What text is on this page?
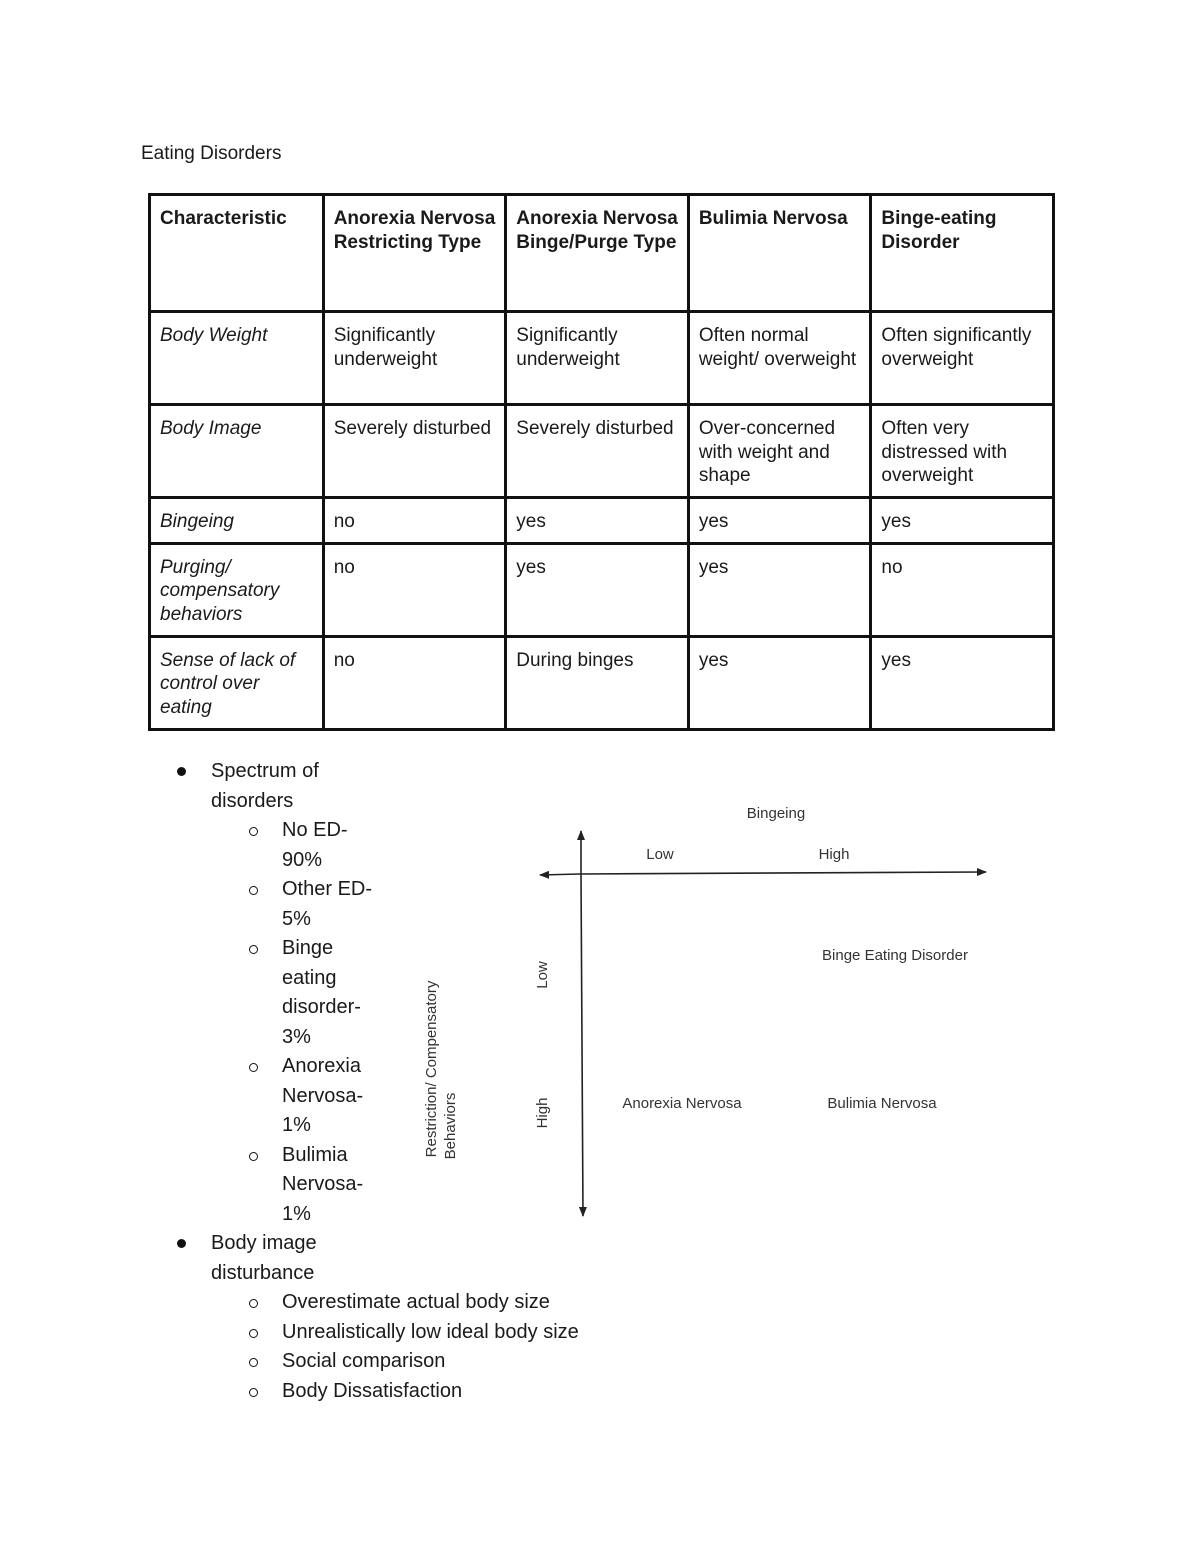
Eating Disorders
Characteristic	Anorexia Nervosa Restricting Type	Anorexia Nervosa Binge/Purge Type	Bulimia Nervosa	Binge-eating Disorder
Body Weight	Significantly underweight	Significantly underweight	Often normal weight/ overweight	Often significantly overweight
Body Image	Severely disturbed	Severely disturbed	Over-concerned with weight and shape	Often very distressed with overweight
Bingeing	no	yes	yes	yes
Purging/ compensatory behaviors	no	yes	yes	no
Sense of lack of control over eating	no	During binges	yes	yes
Spectrum of disorders
No ED- 90%
Other ED- 5%
Binge eating disorder- 3%
Anorexia Nervosa- 1%
Bulimia Nervosa- 1%
Body image disturbance
Overestimate actual body size
Unrealistically low ideal body size
Social comparison
Body Dissatisfaction
Bingeing
Low	High
Restriction/ Compensatory Behaviors
Low
High
Binge Eating Disorder
Anorexia Nervosa	Bulimia Nervosa
